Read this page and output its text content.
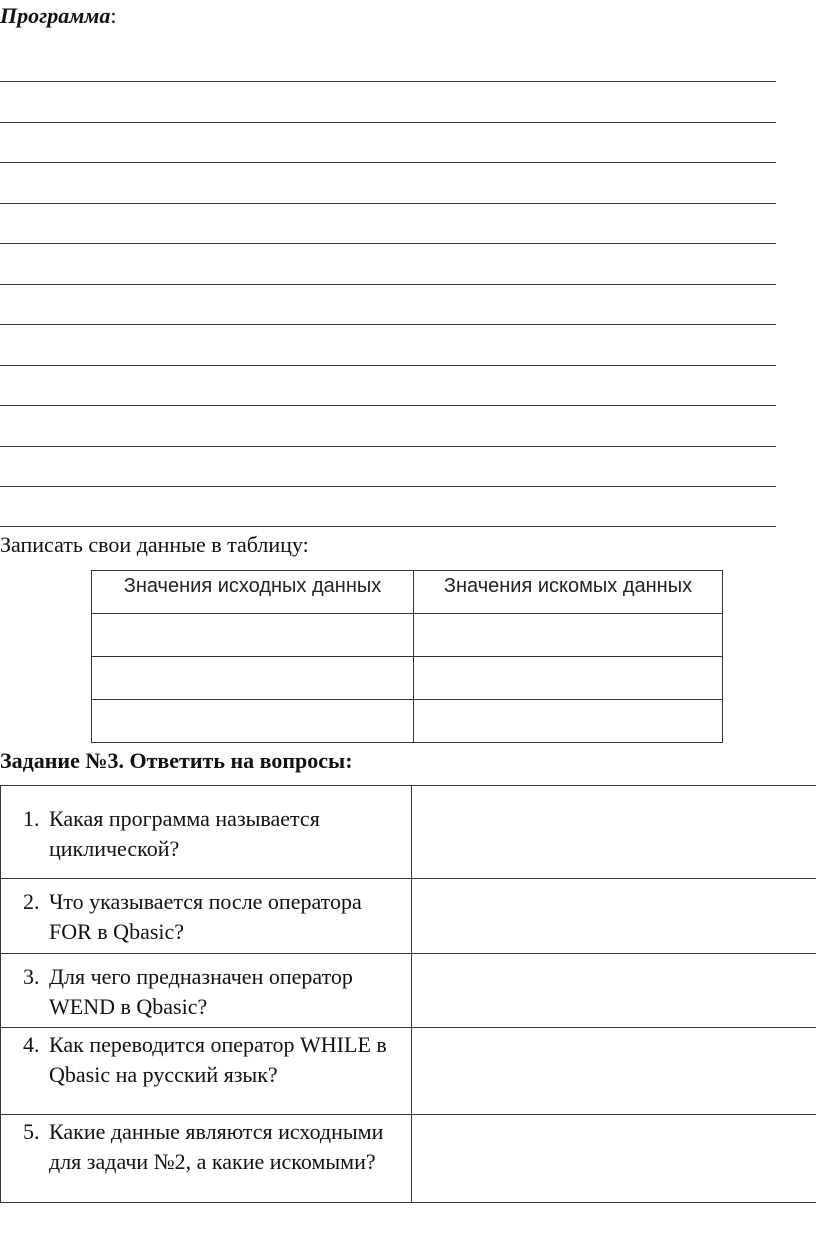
Программа:
Записать свои данные в таблицу:
Значения исходных данных	Значения искомых данных

Задание №3. Ответить на вопросы:
1. Какая программа называется циклической?	

2. Что указывается после оператора FOR в Qbasic?	

3. Для чего предназначен оператор WEND в Qbasic?	

4. Как переводится оператор WHILE в Qbasic на русский язык?	

5. Какие данные являются исходными для задачи №2, а какие искомыми?	
